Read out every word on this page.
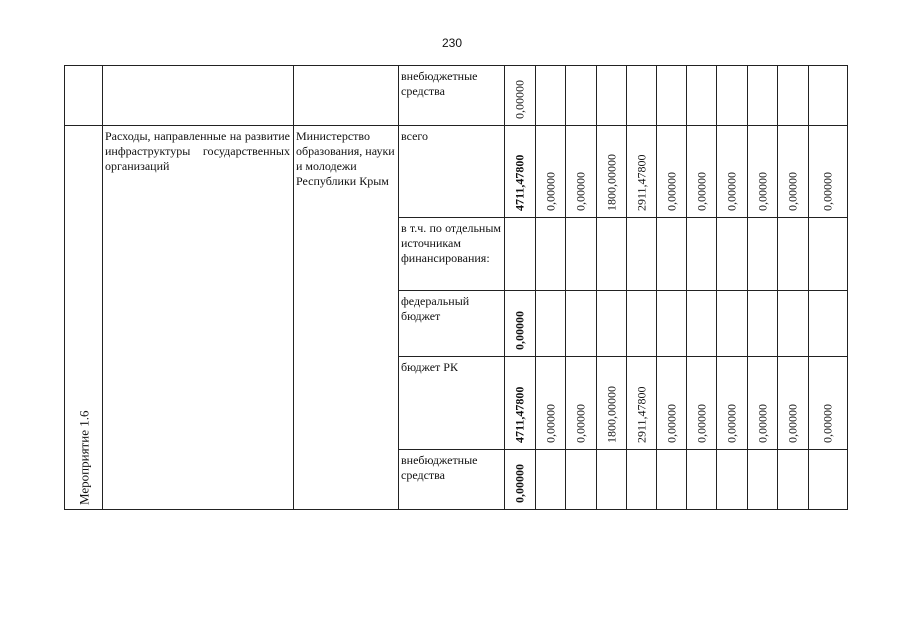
230

			внебюджетные средства	0,00000										

Мероприятие 1.6	Расходы, направленные на развитие инфраструктуры государственных организаций	Министерство образования, науки и молодежи Республики Крым	всего	4711,47800	0,00000	0,00000	1800,00000	2911,47800	0,00000	0,00000	0,00000	0,00000	0,00000	0,00000

			в т.ч. по отдельным источникам финансирования:											

			федеральный бюджет	0,00000										

			бюджет РК	4711,47800	0,00000	0,00000	1800,00000	2911,47800	0,00000	0,00000	0,00000	0,00000	0,00000	0,00000

			внебюджетные средства	0,00000										
